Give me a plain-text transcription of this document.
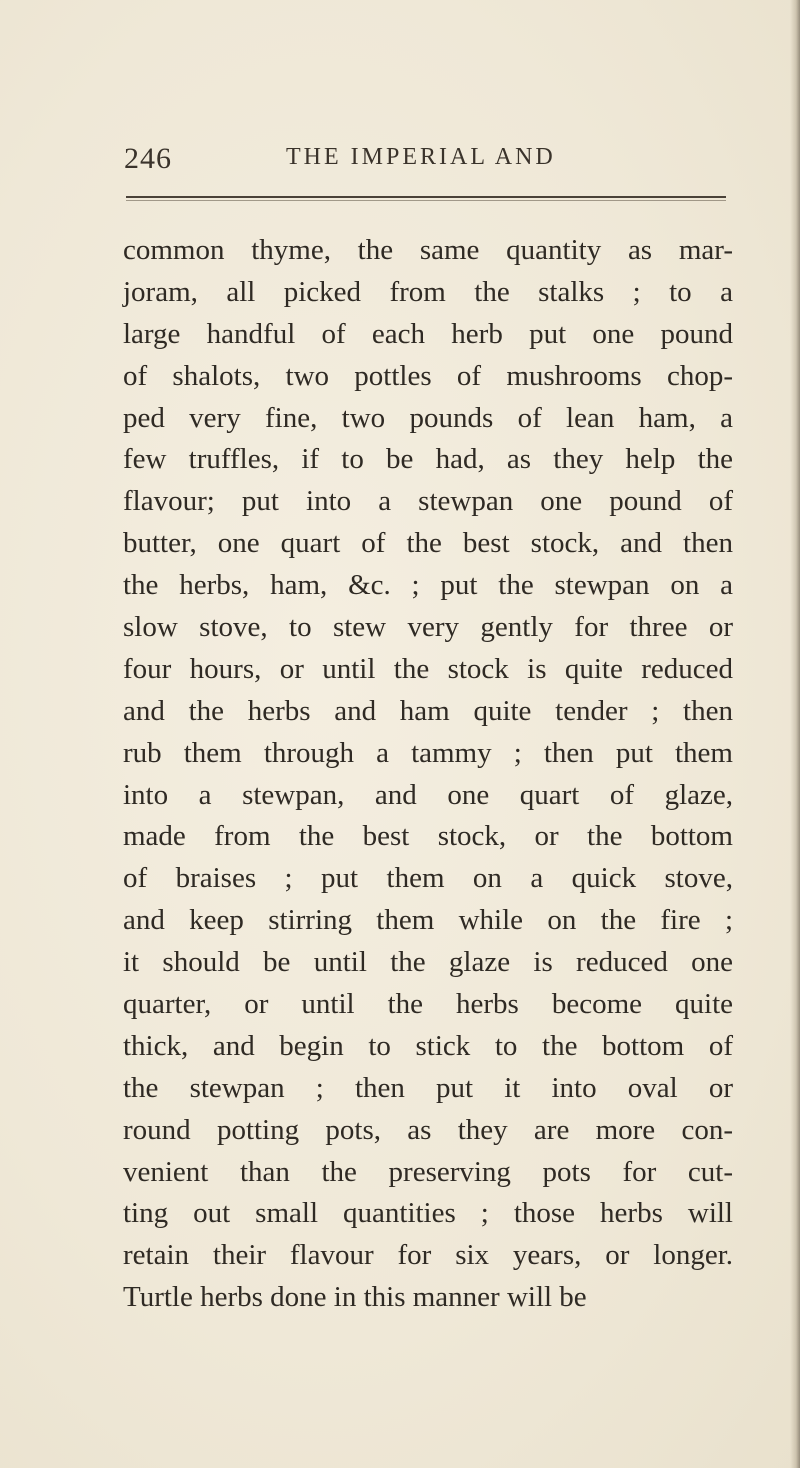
246	THE IMPERIAL AND
common thyme, the same quantity as mar-
joram, all picked from the stalks ; to a
large handful of each herb put one pound
of shalots, two pottles of mushrooms chop-
ped very fine, two pounds of lean ham, a
few truffles, if to be had, as they help the
flavour; put into a stewpan one pound of
butter, one quart of the best stock, and then
the herbs, ham, &c. ; put the stewpan on a
slow stove, to stew very gently for three or
four hours, or until the stock is quite reduced
and the herbs and ham quite tender ; then
rub them through a tammy ; then put them
into a stewpan, and one quart of glaze,
made from the best stock, or the bottom
of braises ; put them on a quick stove,
and keep stirring them while on the fire ;
it should be until the glaze is reduced one
quarter, or until the herbs become quite
thick, and begin to stick to the bottom of
the stewpan ; then put it into oval or
round potting pots, as they are more con-
venient than the preserving pots for cut-
ting out small quantities ; those herbs will
retain their flavour for six years, or longer.
Turtle herbs done in this manner will be
